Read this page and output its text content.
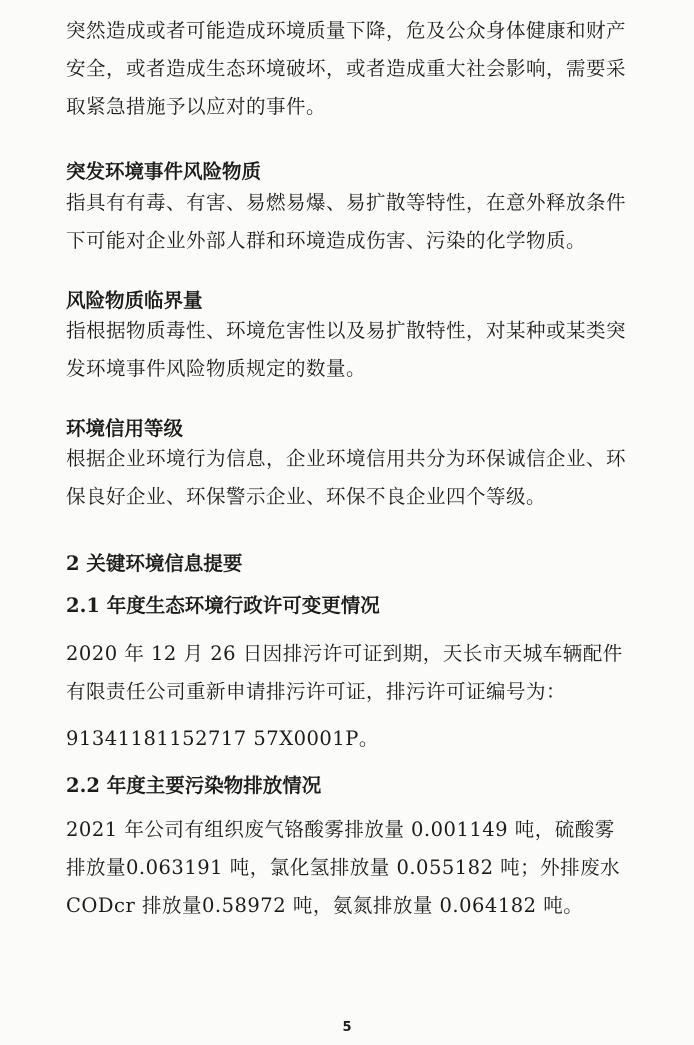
突然造成或者可能造成环境质量下降，危及公众身体健康和财产安全，或者造成生态环境破坏，或者造成重大社会影响，需要采取紧急措施予以应对的事件。

突发环境事件风险物质

指具有有毒、有害、易燃易爆、易扩散等特性，在意外释放条件下可能对企业外部人群和环境造成伤害、污染的化学物质。

风险物质临界量

指根据物质毒性、环境危害性以及易扩散特性，对某种或某类突发环境事件风险物质规定的数量。

环境信用等级

根据企业环境行为信息，企业环境信用共分为环保诚信企业、环保良好企业、环保警示企业、环保不良企业四个等级。

2 关键环境信息提要

2.1 年度生态环境行政许可变更情况

2020 年 12 月 26 日因排污许可证到期，天长市天城车辆配件有限责任公司重新申请排污许可证，排污许可证编号为：

91341181152717 57X0001P。

2.2 年度主要污染物排放情况

2021 年公司有组织废气铬酸雾排放量 0.001149 吨，硫酸雾排放量0.063191 吨，氯化氢排放量 0.055182 吨；外排废水 CODcr 排放量0.58972 吨，氨氮排放量 0.064182 吨。

5
